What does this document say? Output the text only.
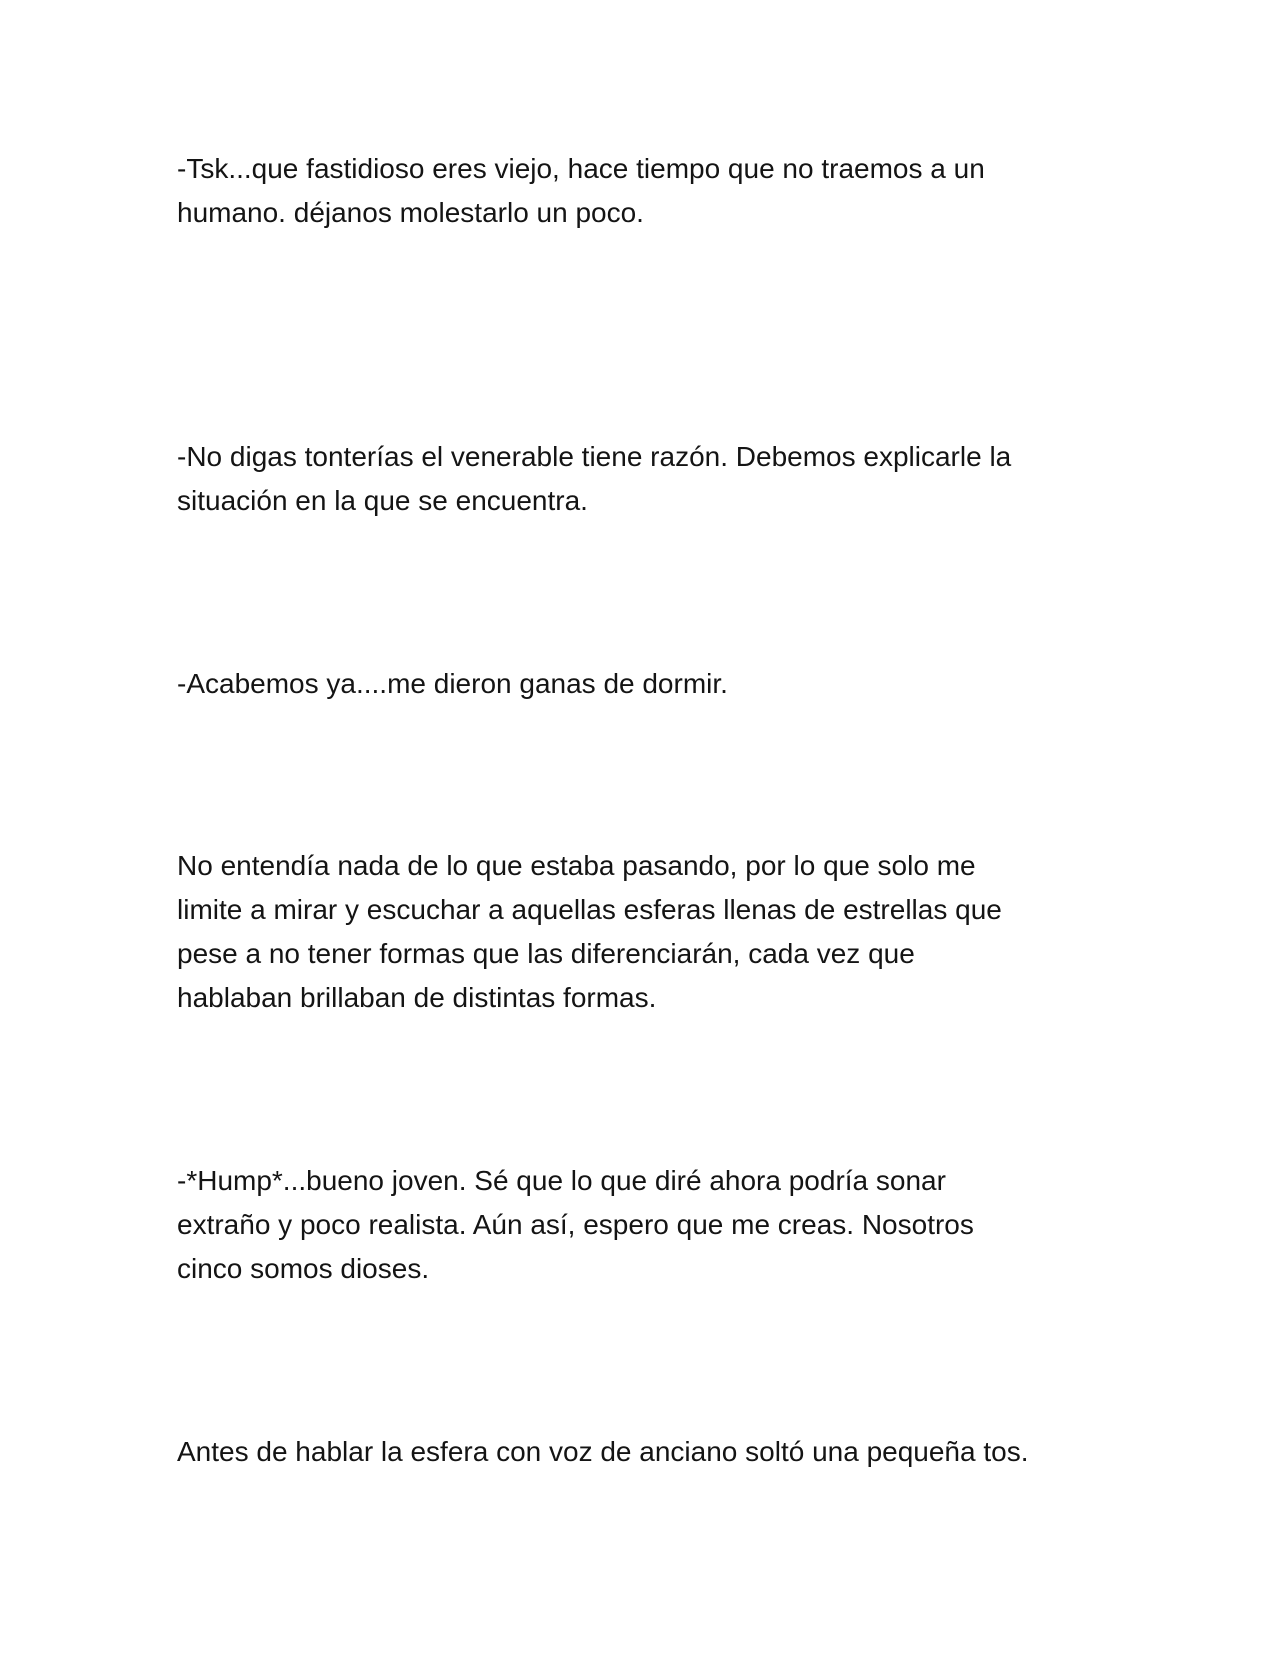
-Tsk...que fastidioso eres viejo, hace tiempo que no traemos a un
humano. déjanos molestarlo un poco.

-No digas tonterías el venerable tiene razón. Debemos explicarle la
situación en la que se encuentra.

-Acabemos ya....me dieron ganas de dormir.

No entendía nada de lo que estaba pasando, por lo que solo me
limite a mirar y escuchar a aquellas esferas llenas de estrellas que
pese a no tener formas que las diferenciarán, cada vez que
hablaban brillaban de distintas formas.

-*Hump*...bueno joven. Sé que lo que diré ahora podría sonar
extraño y poco realista. Aún así, espero que me creas. Nosotros
cinco somos dioses.

Antes de hablar la esfera con voz de anciano soltó una pequeña tos.
